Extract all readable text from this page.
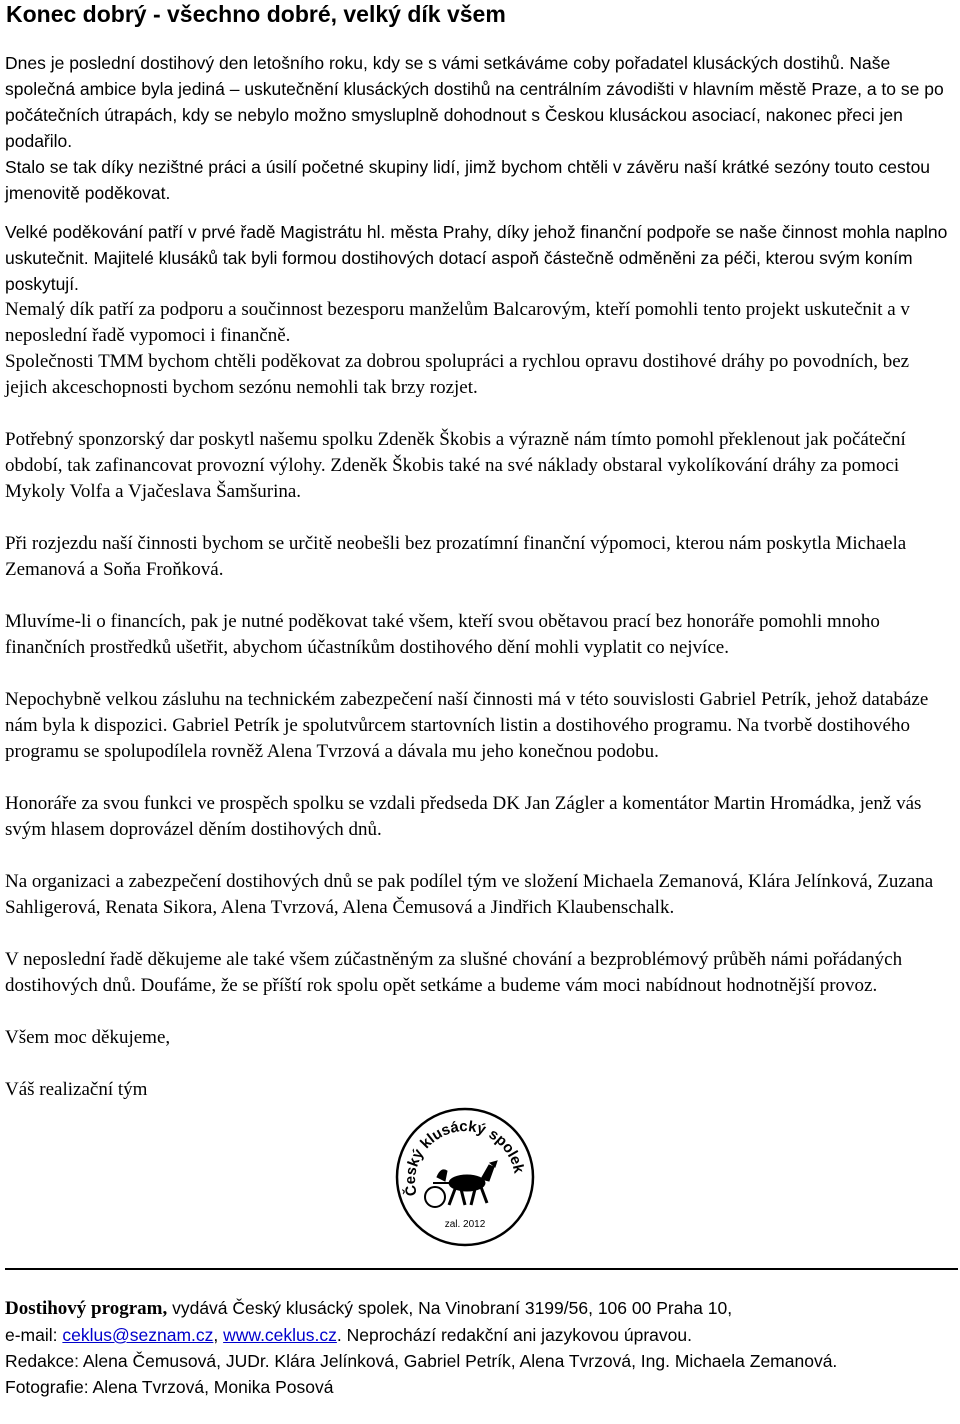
Konec dobrý - všechno dobré, velký dík všem

Dnes je poslední dostihový den letošního roku, kdy se s vámi setkáváme coby pořadatel klusáckých dostihů. Naše společná ambice byla jediná – uskutečnění klusáckých dostihů na centrálním závodišti v hlavním městě Praze, a to se po počátečních útrapách, kdy se nebylo možno smysluplně dohodnout s Českou klusáckou asociací, nakonec přeci jen podařilo.

Stalo se tak díky nezištné práci a úsilí početné skupiny lidí, jimž bychom chtěli v závěru naší krátké sezóny touto cestou jmenovitě poděkovat.

Velké poděkování patří v prvé řadě Magistrátu hl. města Prahy, díky jehož finanční podpoře se naše činnost mohla naplno uskutečnit. Majitelé klusáků tak byli formou dostihových dotací aspoň částečně odměněni za péči, kterou svým koním poskytují.

Nemalý dík patří za podporu a součinnost bezesporu manželům Balcarovým, kteří pomohli tento projekt uskutečnit a v neposlední řadě vypomoci i finančně.

Společnosti TMM bychom chtěli poděkovat za dobrou spolupráci a rychlou opravu dostihové dráhy po povodních, bez jejich akceschopnosti bychom sezónu nemohli tak brzy rozjet.

Potřebný sponzorský dar poskytl našemu spolku Zdeněk Škobis a výrazně nám tímto pomohl překlenout jak počáteční období, tak zafinancovat provozní výlohy. Zdeněk Škobis také na své náklady obstaral vykolíkování dráhy za pomoci Mykoly Volfa a Vjačeslava Šamšurina.

Při rozjezdu naší činnosti bychom se určitě neobešli bez prozatímní finanční výpomoci, kterou nám poskytla Michaela Zemanová a Soňa Froňková.

Mluvíme-li o financích, pak je nutné poděkovat také všem, kteří svou obětavou prací bez honoráře pomohli mnoho finančních prostředků ušetřit, abychom účastníkům dostihového dění mohli vyplatit co nejvíce.

Nepochybně velkou zásluhu na technickém zabezpečení naší činnosti má v této souvislosti Gabriel Petrík, jehož databáze nám byla k dispozici. Gabriel Petrík je spolutvůrcem startovních listin a dostihového programu. Na tvorbě dostihového programu se spolupodílela rovněž Alena Tvrzová a dávala mu jeho konečnou podobu.

Honoráře za svou funkci ve prospěch spolku se vzdali předseda DK Jan Zágler a komentátor Martin Hromádka, jenž vás svým hlasem doprovázel děním dostihových dnů.

Na organizaci a zabezpečení dostihových dnů se pak podílel tým ve složení Michaela Zemanová, Klára Jelínková, Zuzana Sahligerová, Renata Sikora, Alena Tvrzová, Alena Čemusová a Jindřich Klaubenschalk.

V neposlední řadě děkujeme ale také všem zúčastněným za slušné chování a bezproblémový průběh námi pořádaných dostihových dnů. Doufáme, že se příští rok spolu opět setkáme a budeme vám moci nabídnout hodnotnější provoz.

Všem moc děkujeme,

Váš realizační tým

Český klusácký spolek
zal. 2012

Dostihový program, vydává Český klusácký spolek, Na Vinobraní 3199/56, 106 00 Praha 10,

e-mail: ceklus@seznam.cz, www.ceklus.cz. Neprochází redakční ani jazykovou úpravou.

Redakce: Alena Čemusová, JUDr. Klára Jelínková, Gabriel Petrík, Alena Tvrzová, Ing. Michaela Zemanová.

Fotografie: Alena Tvrzová, Monika Posová
